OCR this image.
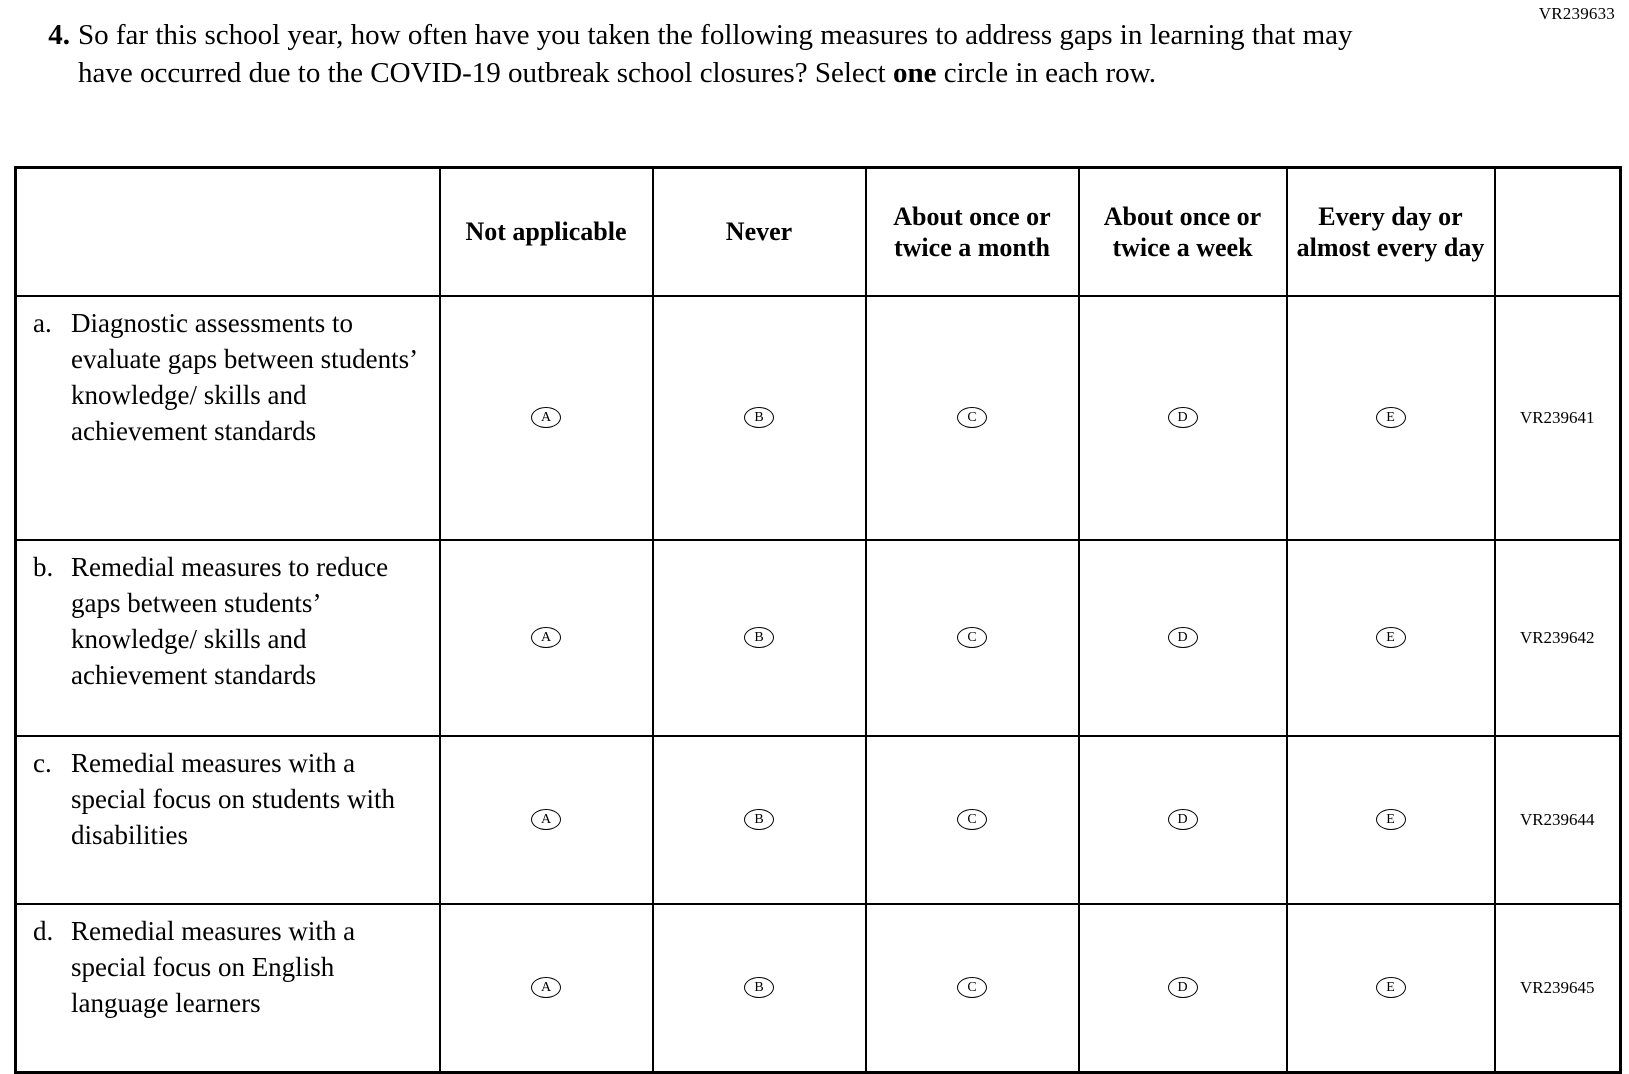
VR239633
4. So far this school year, how often have you taken the following measures to address gaps in learning that may have occurred due to the COVID-19 outbreak school closures? Select one circle in each row.
	Not applicable	Never	About once or twice a month	About once or twice a week	Every day or almost every day	

a. Diagnostic assessments to evaluate gaps between students’ knowledge/ skills and achievement standards	A	B	C	D	E	VR239641

b. Remedial measures to reduce gaps between students’ knowledge/ skills and achievement standards	A	B	C	D	E	VR239642

c. Remedial measures with a special focus on students with disabilities	A	B	C	D	E	VR239644

d. Remedial measures with a special focus on English language learners	A	B	C	D	E	VR239645
